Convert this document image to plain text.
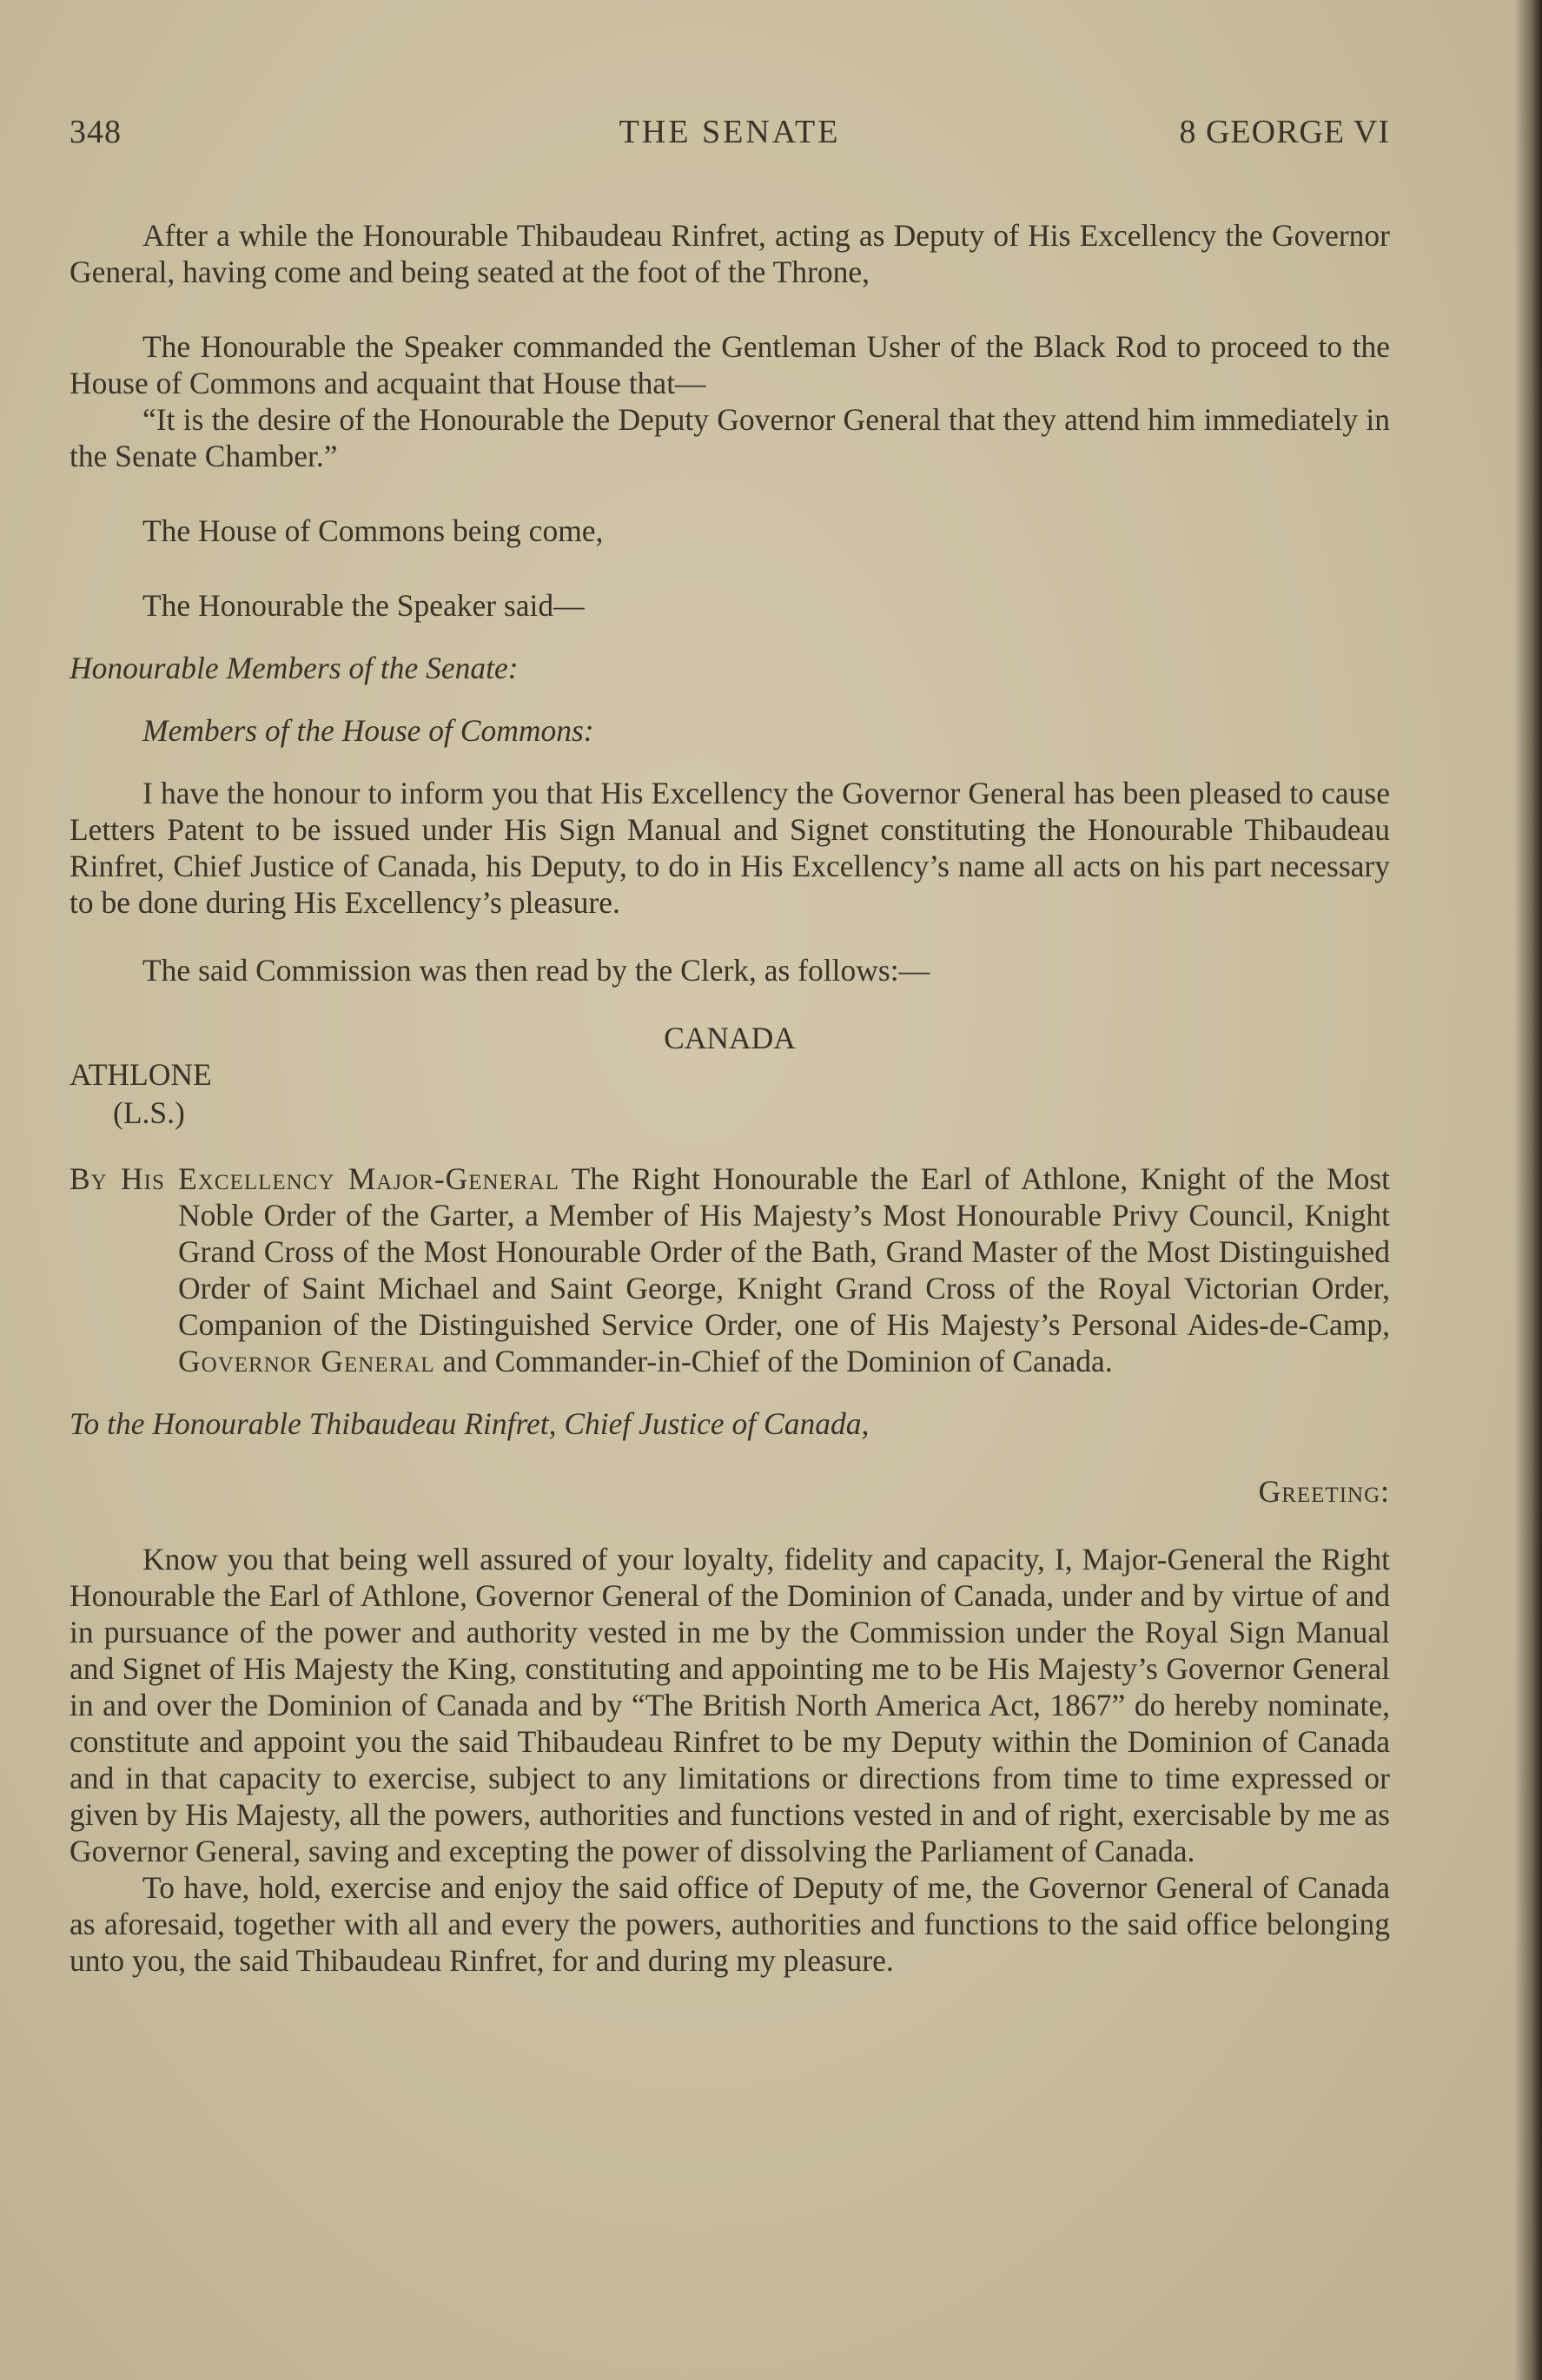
348	THE SENATE	8 GEORGE VI

After a while the Honourable Thibaudeau Rinfret, acting as Deputy of His Excellency the Governor General, having come and being seated at the foot of the Throne,

The Honourable the Speaker commanded the Gentleman Usher of the Black Rod to proceed to the House of Commons and acquaint that House that—

“It is the desire of the Honourable the Deputy Governor General that they attend him immediately in the Senate Chamber.”

The House of Commons being come,

The Honourable the Speaker said—

Honourable Members of the Senate:

Members of the House of Commons:

I have the honour to inform you that His Excellency the Governor General has been pleased to cause Letters Patent to be issued under His Sign Manual and Signet constituting the Honourable Thibaudeau Rinfret, Chief Justice of Canada, his Deputy, to do in His Excellency’s name all acts on his part necessary to be done during His Excellency’s pleasure.

The said Commission was then read by the Clerk, as follows:—

CANADA

ATHLONE
(L.S.)

By His Excellency Major-General The Right Honourable the Earl of Athlone, Knight of the Most Noble Order of the Garter, a Member of His Majesty’s Most Honourable Privy Council, Knight Grand Cross of the Most Honourable Order of the Bath, Grand Master of the Most Distinguished Order of Saint Michael and Saint George, Knight Grand Cross of the Royal Victorian Order, Companion of the Distinguished Service Order, one of His Majesty’s Personal Aides-de-Camp, Governor General and Commander-in-Chief of the Dominion of Canada.

To the Honourable Thibaudeau Rinfret, Chief Justice of Canada,

Greeting:

Know you that being well assured of your loyalty, fidelity and capacity, I, Major-General the Right Honourable the Earl of Athlone, Governor General of the Dominion of Canada, under and by virtue of and in pursuance of the power and authority vested in me by the Commission under the Royal Sign Manual and Signet of His Majesty the King, constituting and appointing me to be His Majesty’s Governor General in and over the Dominion of Canada and by “The British North America Act, 1867” do hereby nominate, constitute and appoint you the said Thibaudeau Rinfret to be my Deputy within the Dominion of Canada and in that capacity to exercise, subject to any limitations or directions from time to time expressed or given by His Majesty, all the powers, authorities and functions vested in and of right, exercisable by me as Governor General, saving and excepting the power of dissolving the Parliament of Canada.

To have, hold, exercise and enjoy the said office of Deputy of me, the Governor General of Canada as aforesaid, together with all and every the powers, authorities and functions to the said office belonging unto you, the said Thibaudeau Rinfret, for and during my pleasure.
